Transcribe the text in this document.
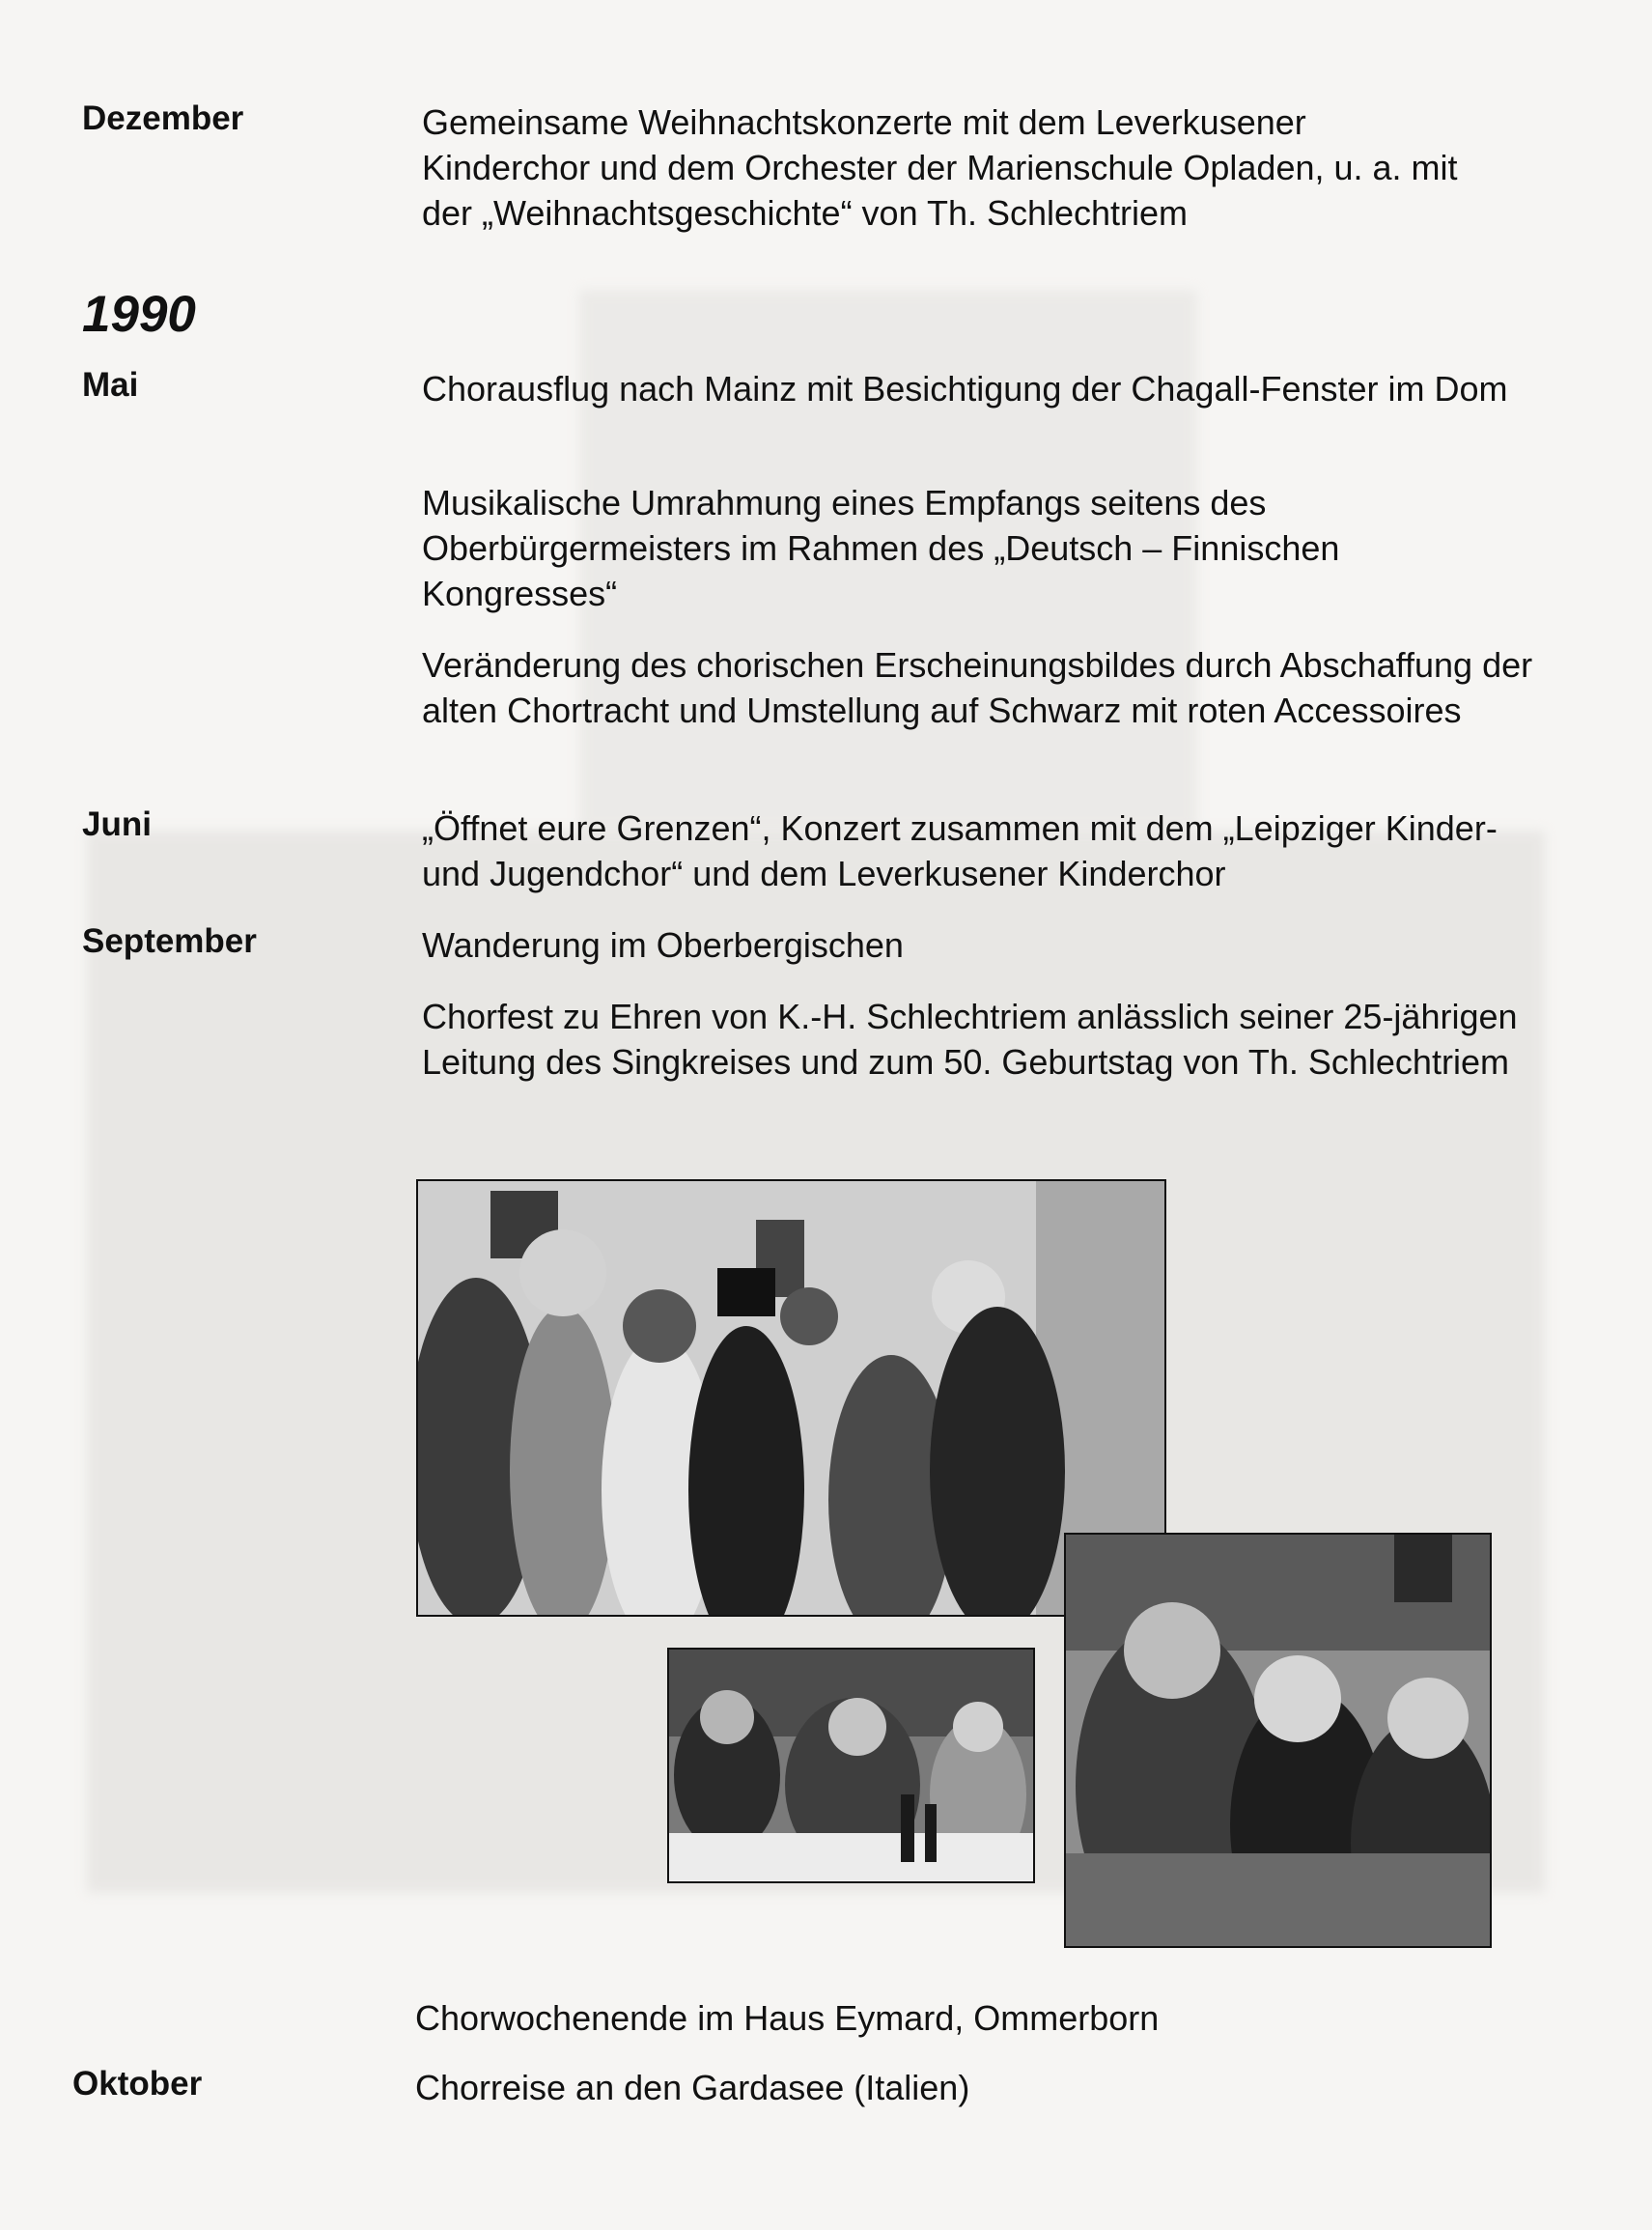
Dezember	Gemeinsame Weihnachtskonzerte mit dem Leverkusener Kinderchor und dem Orchester der Marienschule Opladen, u. a. mit der „Weihnachtsgeschichte“ von Th. Schlechtriem
1990
Mai	Chorausflug nach Mainz mit Besichtigung der Chagall-Fenster im Dom
Musikalische Umrahmung eines Empfangs seitens des Oberbürgermeisters im Rahmen des „Deutsch – Finnischen Kongresses“
Veränderung des chorischen Erscheinungsbildes durch Abschaffung der alten Chortracht und Umstellung auf Schwarz mit roten Accessoires
Juni	„Öffnet eure Grenzen“, Konzert zusammen mit dem „Leipziger Kinder- und Jugendchor“ und dem Leverkusener Kinderchor
September	Wanderung im Oberbergischen
Chorfest zu Ehren von K.-H. Schlechtriem anlässlich seiner 25-jährigen Leitung des Singkreises und zum 50. Geburtstag von Th. Schlechtriem
Chorwochenende im Haus Eymard, Ommerborn
Oktober	Chorreise an den Gardasee (Italien)
